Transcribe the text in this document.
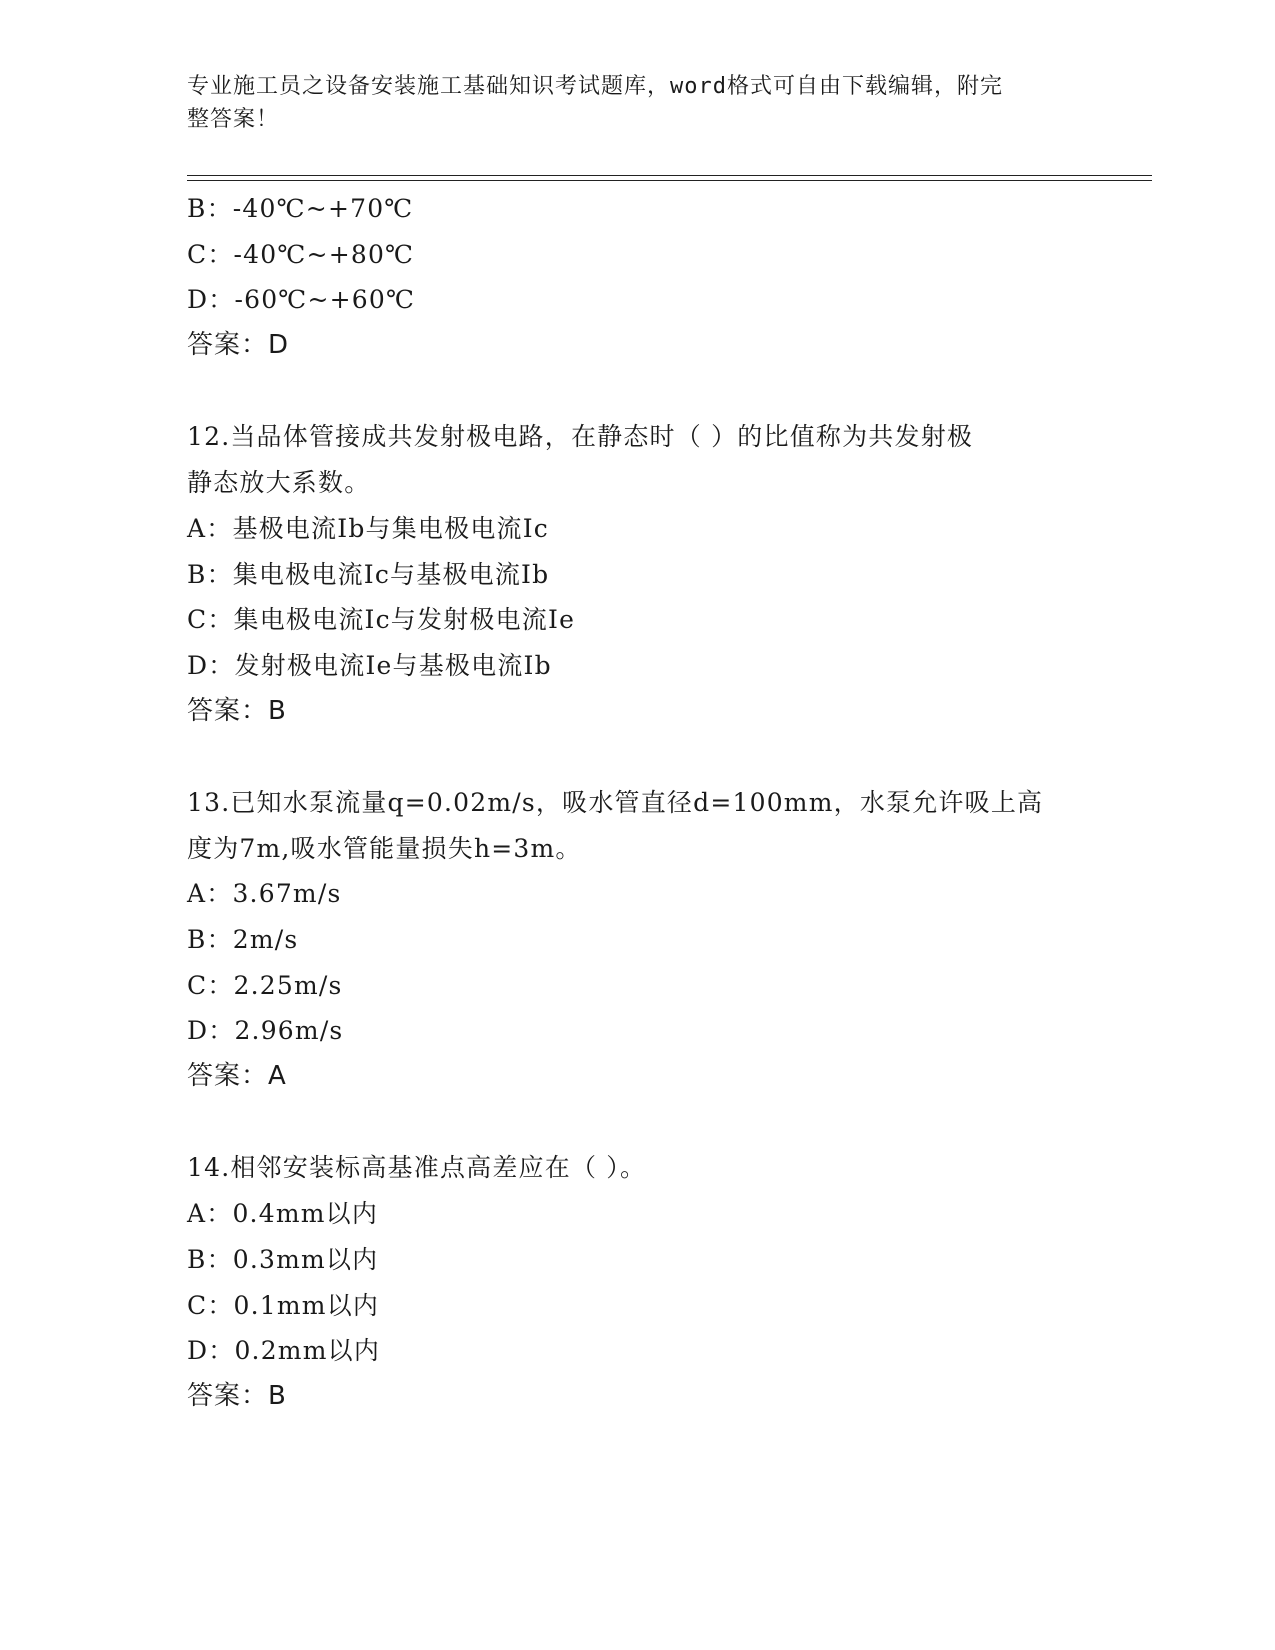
专业施工员之设备安装施工基础知识考试题库，word格式可自由下载编辑，附完
整答案！
B：-40℃~+70℃
C：-40℃~+80℃
D：-60℃~+60℃
答案：D
12.当品体管接成共发射极电路，在静态时（ ）的比值称为共发射极
静态放大系数。
A：基极电流Ib与集电极电流Ic
B：集电极电流Ic与基极电流Ib
C：集电极电流Ic与发射极电流Ie
D：发射极电流Ie与基极电流Ib
答案：B
13.已知水泵流量q=0.02m/s，吸水管直径d=100mm，水泵允许吸上高
度为7m,吸水管能量损失h=3m。
A：3.67m/s
B：2m/s
C：2.25m/s
D：2.96m/s
答案：A
14.相邻安装标高基准点高差应在（ ）。
A：0.4mm以内
B：0.3mm以内
C：0.1mm以内
D：0.2mm以内
答案：B
